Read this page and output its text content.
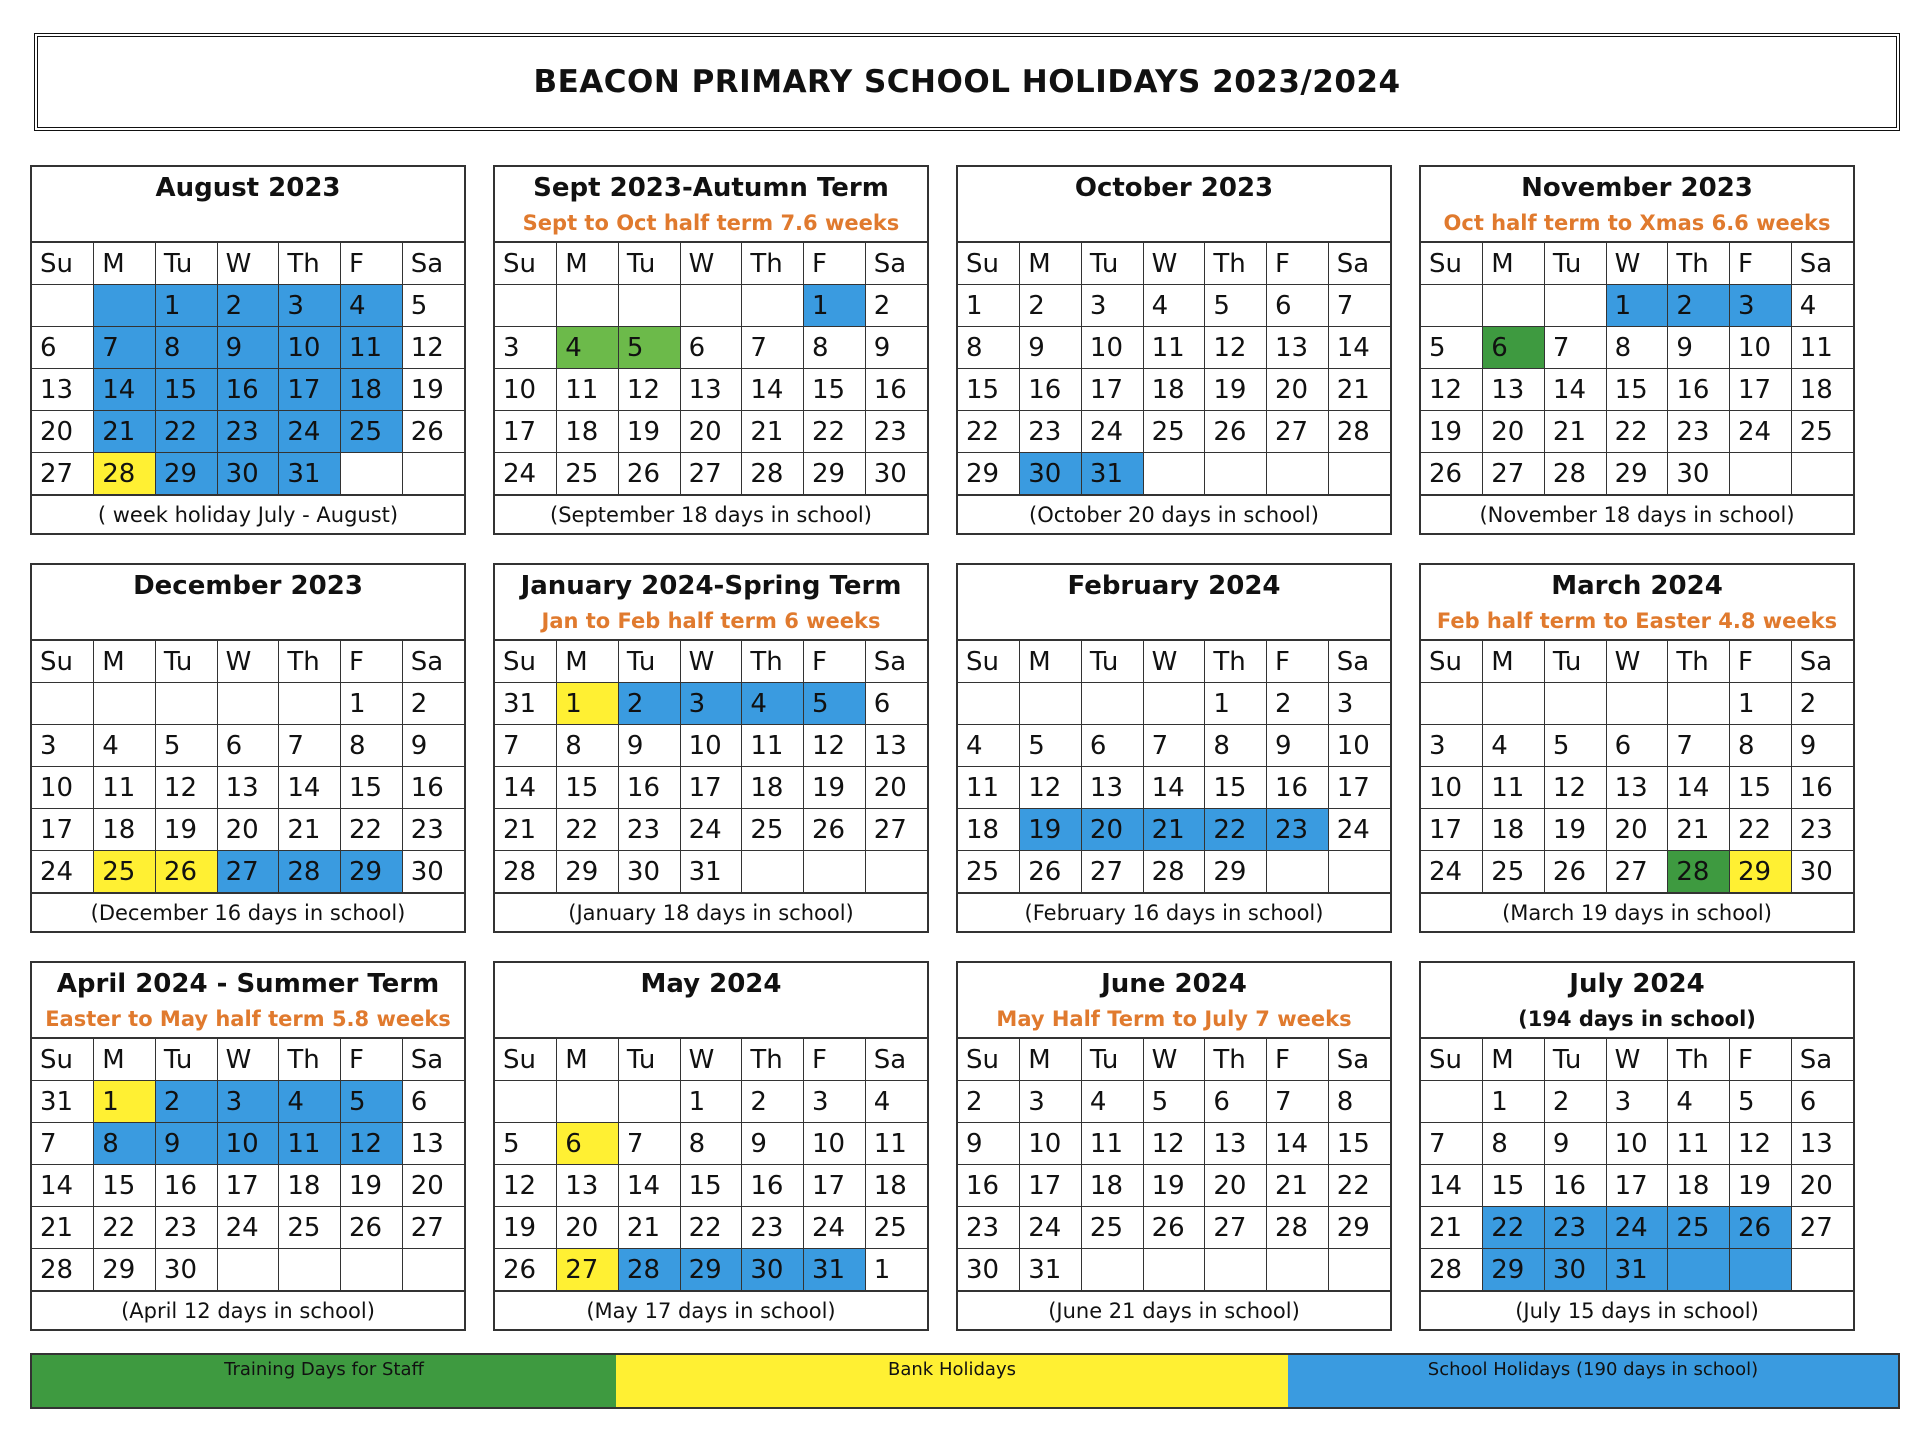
BEACON PRIMARY SCHOOL HOLIDAYS 2023/2024
August 2023
Su	M	Tu	W	Th	F	Sa
		1	2	3	4	5
6	7	8	9	10	11	12
13	14	15	16	17	18	19
20	21	22	23	24	25	26
27	28	29	30	31		
( week holiday July - August)
Sept 2023-Autumn Term
Sept to Oct half term 7.6 weeks
Su	M	Tu	W	Th	F	Sa
					1	2
3	4	5	6	7	8	9
10	11	12	13	14	15	16
17	18	19	20	21	22	23
24	25	26	27	28	29	30
(September 18 days in school)
October 2023
Su	M	Tu	W	Th	F	Sa
1	2	3	4	5	6	7
8	9	10	11	12	13	14
15	16	17	18	19	20	21
22	23	24	25	26	27	28
29	30	31				
(October 20 days in school)
November 2023
Oct half term to Xmas 6.6 weeks
Su	M	Tu	W	Th	F	Sa
			1	2	3	4
5	6	7	8	9	10	11
12	13	14	15	16	17	18
19	20	21	22	23	24	25
26	27	28	29	30		
(November 18 days in school)
December 2023
Su	M	Tu	W	Th	F	Sa
					1	2
3	4	5	6	7	8	9
10	11	12	13	14	15	16
17	18	19	20	21	22	23
24	25	26	27	28	29	30
(December 16 days in school)
January 2024-Spring Term
Jan to Feb half term 6 weeks
Su	M	Tu	W	Th	F	Sa
31	1	2	3	4	5	6
7	8	9	10	11	12	13
14	15	16	17	18	19	20
21	22	23	24	25	26	27
28	29	30	31			
(January 18 days in school)
February 2024
Su	M	Tu	W	Th	F	Sa
				1	2	3
4	5	6	7	8	9	10
11	12	13	14	15	16	17
18	19	20	21	22	23	24
25	26	27	28	29		
(February 16 days in school)
March 2024
Feb half term to Easter 4.8 weeks
Su	M	Tu	W	Th	F	Sa
					1	2
3	4	5	6	7	8	9
10	11	12	13	14	15	16
17	18	19	20	21	22	23
24	25	26	27	28	29	30
(March 19 days in school)
April 2024 - Summer Term
Easter to May half term 5.8 weeks
Su	M	Tu	W	Th	F	Sa
31	1	2	3	4	5	6
7	8	9	10	11	12	13
14	15	16	17	18	19	20
21	22	23	24	25	26	27
28	29	30				
(April 12 days in school)
May 2024
Su	M	Tu	W	Th	F	Sa
			1	2	3	4
5	6	7	8	9	10	11
12	13	14	15	16	17	18
19	20	21	22	23	24	25
26	27	28	29	30	31	1
(May 17 days in school)
June 2024
May Half Term to July 7 weeks
Su	M	Tu	W	Th	F	Sa
2	3	4	5	6	7	8
9	10	11	12	13	14	15
16	17	18	19	20	21	22
23	24	25	26	27	28	29
30	31					
(June 21 days in school)
July 2024
(194 days in school)
Su	M	Tu	W	Th	F	Sa
	1	2	3	4	5	6
7	8	9	10	11	12	13
14	15	16	17	18	19	20
21	22	23	24	25	26	27
28	29	30	31			
(July 15 days in school)
Training Days for Staff	Bank Holidays	School Holidays (190 days in school)
